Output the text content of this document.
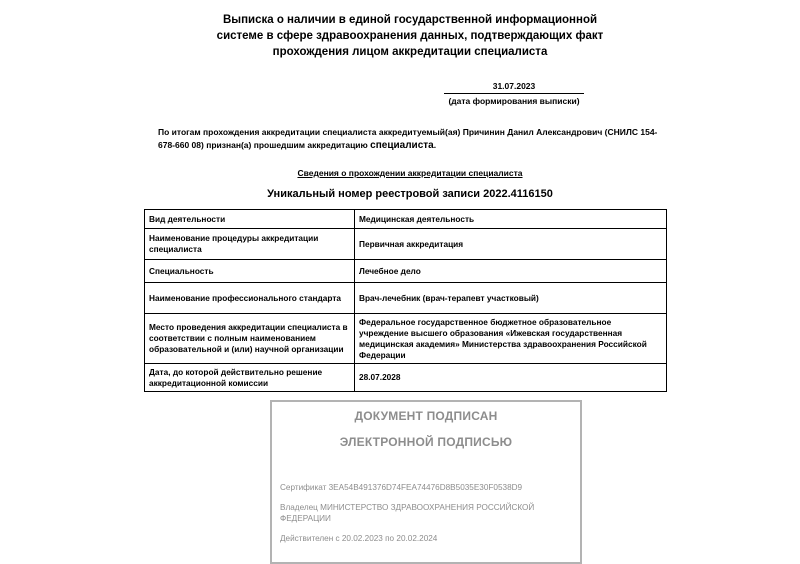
Выписка о наличии в единой государственной информационной
системе в сфере здравоохранения данных, подтверждающих факт
прохождения лицом аккредитации специалиста
31.07.2023
(дата формирования выписки)
По итогам прохождения аккредитации специалиста аккредитуемый(ая) Причинин Данил Александрович (СНИЛС 154-678-660 08) признан(а) прошедшим аккредитацию специалиста.
Сведения о прохождении аккредитации специалиста
Уникальный номер реестровой записи 2022.4116150
Вид деятельности	Медицинская деятельность
Наименование процедуры аккредитации специалиста	Первичная аккредитация
Специальность	Лечебное дело
Наименование профессионального стандарта	Врач-лечебник (врач-терапевт участковый)
Место проведения аккредитации специалиста в соответствии с полным наименованием образовательной и (или) научной организации	Федеральное государственное бюджетное образовательное учреждение высшего образования «Ижевская государственная медицинская академия» Министерства здравоохранения Российской Федерации
Дата, до которой действительно решение аккредитационной комиссии	28.07.2028
ДОКУМЕНТ ПОДПИСАН
ЭЛЕКТРОННОЙ ПОДПИСЬЮ
Сертификат 3EA54B491376D74FEA74476D8B5035E30F0538D9
Владелец МИНИСТЕРСТВО ЗДРАВООХРАНЕНИЯ РОССИЙСКОЙ ФЕДЕРАЦИИ
Действителен с 20.02.2023 по 20.02.2024
